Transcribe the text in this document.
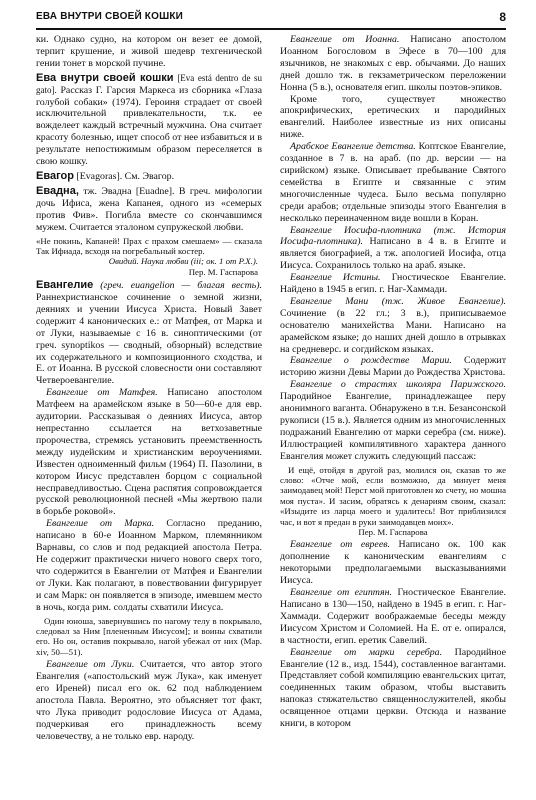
ЕВА ВНУТРИ СВОЕЙ КОШКИ	8

ки. Однако судно, на котором он везет ее домой, терпит крушение, и живой шедевр техгенической гении тонет в морской пучине.

Ева внутри своей кошки [Eva está dentro de su gato]. Рассказ Г. Гарсия Маркеса из сборника «Глаза голубой собаки» (1974). Героиня страдает от своей исключительной привлекательности, т.к. ее вожделеет каждый встречный мужчина. Она считает красоту болезнью, ищет способ от нее избавиться и в результате непостижимым образом переселяется в свою кошку.

Евагор [Evagoras]. См. Эвагор.

Евадна, тж. Эвадна [Euadne]. В греч. мифологии дочь Ифиса, жена Капанея, одного из «семерых против Фив». Погибла вместе со скончавшимся мужем. Считается эталоном супружеской любви.

«Не покинь, Капаней! Прах с прахом смешаем» — сказала Так Ифиада, всходя на погребальный костер.

Овидий. Наука любви (iii; ок. 1 от Р.Х.).

Пер. М. Гаспарова

Евангелие (греч. euangelion — благая весть). Раннехристианское сочинение о земной жизни, деяниях и учении Иисуса Христа. Новый Завет содержит 4 канонических е.: от Матфея, от Марка и от Луки, называемые с 16 в. синоптическими (от греч. synoptikos — сводный, обзорный) вследствие их содержательного и композиционного сходства, и Е. от Иоанна. В русской словесности они составляют Четвероевангелие.

Евангелие от Матфея. Написано апостолом Матфеем на арамейском языке в 50—60-е для евр. аудитории. Рассказывая о деяниях Иисуса, автор непрестанно ссылается на ветхозаветные пророчества, стремясь установить преемственность между иудейским и христианским вероучениями. Известен одноименный фильм (1964) П. Пазолини, в котором Иисус представлен борцом с социальной несправедливостью. Сцена распятия сопровождается русской революционной песней «Мы жертвою пали в борьбе роковой».

Евангелие от Марка. Согласно преданию, написано в 60-е Иоанном Марком, племянником Варнавы, со слов и под редакцией апостола Петра. Не содержит практически ничего нового сверх того, что содержится в Евангелии от Матфея и Евангелии от Луки. Как полагают, в повествовании фигурирует и сам Марк: он появляется в эпизоде, имевшем место в ночь, когда рим. солдаты схватили Иисуса.

Один юноша, завернувшись по нагому телу в покрывало, следовал за Ним [плененным Иисусом]; и воины схватили его. Но он, оставив покрывало, нагой убежал от них (Мар. xiv, 50—51).

Евангелие от Луки. Считается, что автор этого Евангелия («апостольский муж Лука», как именует его Иреней) писал его ок. 62 под наблюдением апостола Павла. Вероятно, это объясняет тот факт, что Лука приводит родословие Иисуса от Адама, подчеркивая его принадлежность всему человечеству, а не только евр. народу.

Евангелие от Иоанна. Написано апостолом Иоанном Богословом в Эфесе в 70—100 для язычников, не знакомых с евр. обычаями. До наших дней дошло тж. в гекзаметрическом переложении Нонна (5 в.), основателя егип. школы поэтов-эпиков.

Кроме того, существует множество апокрифических, еретических и пародийных евангелий. Наиболее известные из них описаны ниже.

Арабское Евангелие детства. Коптское Евангелие, созданное в 7 в. на араб. (по др. версии — на сирийском) языке. Описывает пребывание Святого семейства в Египте и связанные с этим многочисленные чудеса. Было весьма популярно среди арабов; отдельные эпизоды этого Евангелия в несколько переиначенном виде вошли в Коран.

Евангелие Иосифа-плотника (тж. История Иосифа-плотника). Написано в 4 в. в Египте и является биографией, а тж. апологией Иосифа, отца Иисуса. Сохранилось только на араб. языке.

Евангелие Истины. Гностическое Евангелие. Найдено в 1945 в егип. г. Наг-Хаммади.

Евангелие Мани (тж. Живое Евангелие). Сочинение (в 22 гл.; 3 в.), приписываемое основателю манихейства Мани. Написано на арамейском языке; до наших дней дошло в отрывках на средневерс. и согдийском языках.

Евангелие о рождестве Марии. Содержит историю жизни Девы Марии до Рождества Христова.

Евангелие о страстях школяра Парижского. Пародийное Евангелие, принадлежащее перу анонимного ваганта. Обнаружено в т.н. Безансонской рукописи (15 в.). Является одним из многочисленных подражаний Евангелию от марки серебра (см. ниже). Иллюстрацией компилятивного характера данного Евангелия может служить следующий пассаж:

И ещё, отойдя в другой раз, молился он, сказав то же слово: «Отче мой, если возможно, да минует меня заимодавец мой! Перст мой приготовлен ко счету, но мошна моя пуста». И засим, обратясь к денариям своим, сказал: «Изыдите из ларца моего и удалитесь! Вот приблизился час, и вот я предан в руки заимодавцев моих».

Пер. М. Гаспарова

Евангелие от евреев. Написано ок. 100 как дополнение к каноническим евангелиям с некоторыми предполагаемыми высказываниями Иисуса.

Евангелие от египтян. Гностическое Евангелие. Написано в 130—150, найдено в 1945 в егип. г. Наг-Хаммади. Содержит воображаемые беседы между Иисусом Христом и Соломией. На Е. от е. опирался, в частности, егип. еретик Савелий.

Евангелие от марки серебра. Пародийное Евангелие (12 в., изд. 1544), составленное вагантами. Представляет собой компиляцию евангельских цитат, соединенных таким образом, чтобы выставить напоказ стяжательство священнослужителей, якобы освященное отцами церкви. Отсюда и название книги, в котором
